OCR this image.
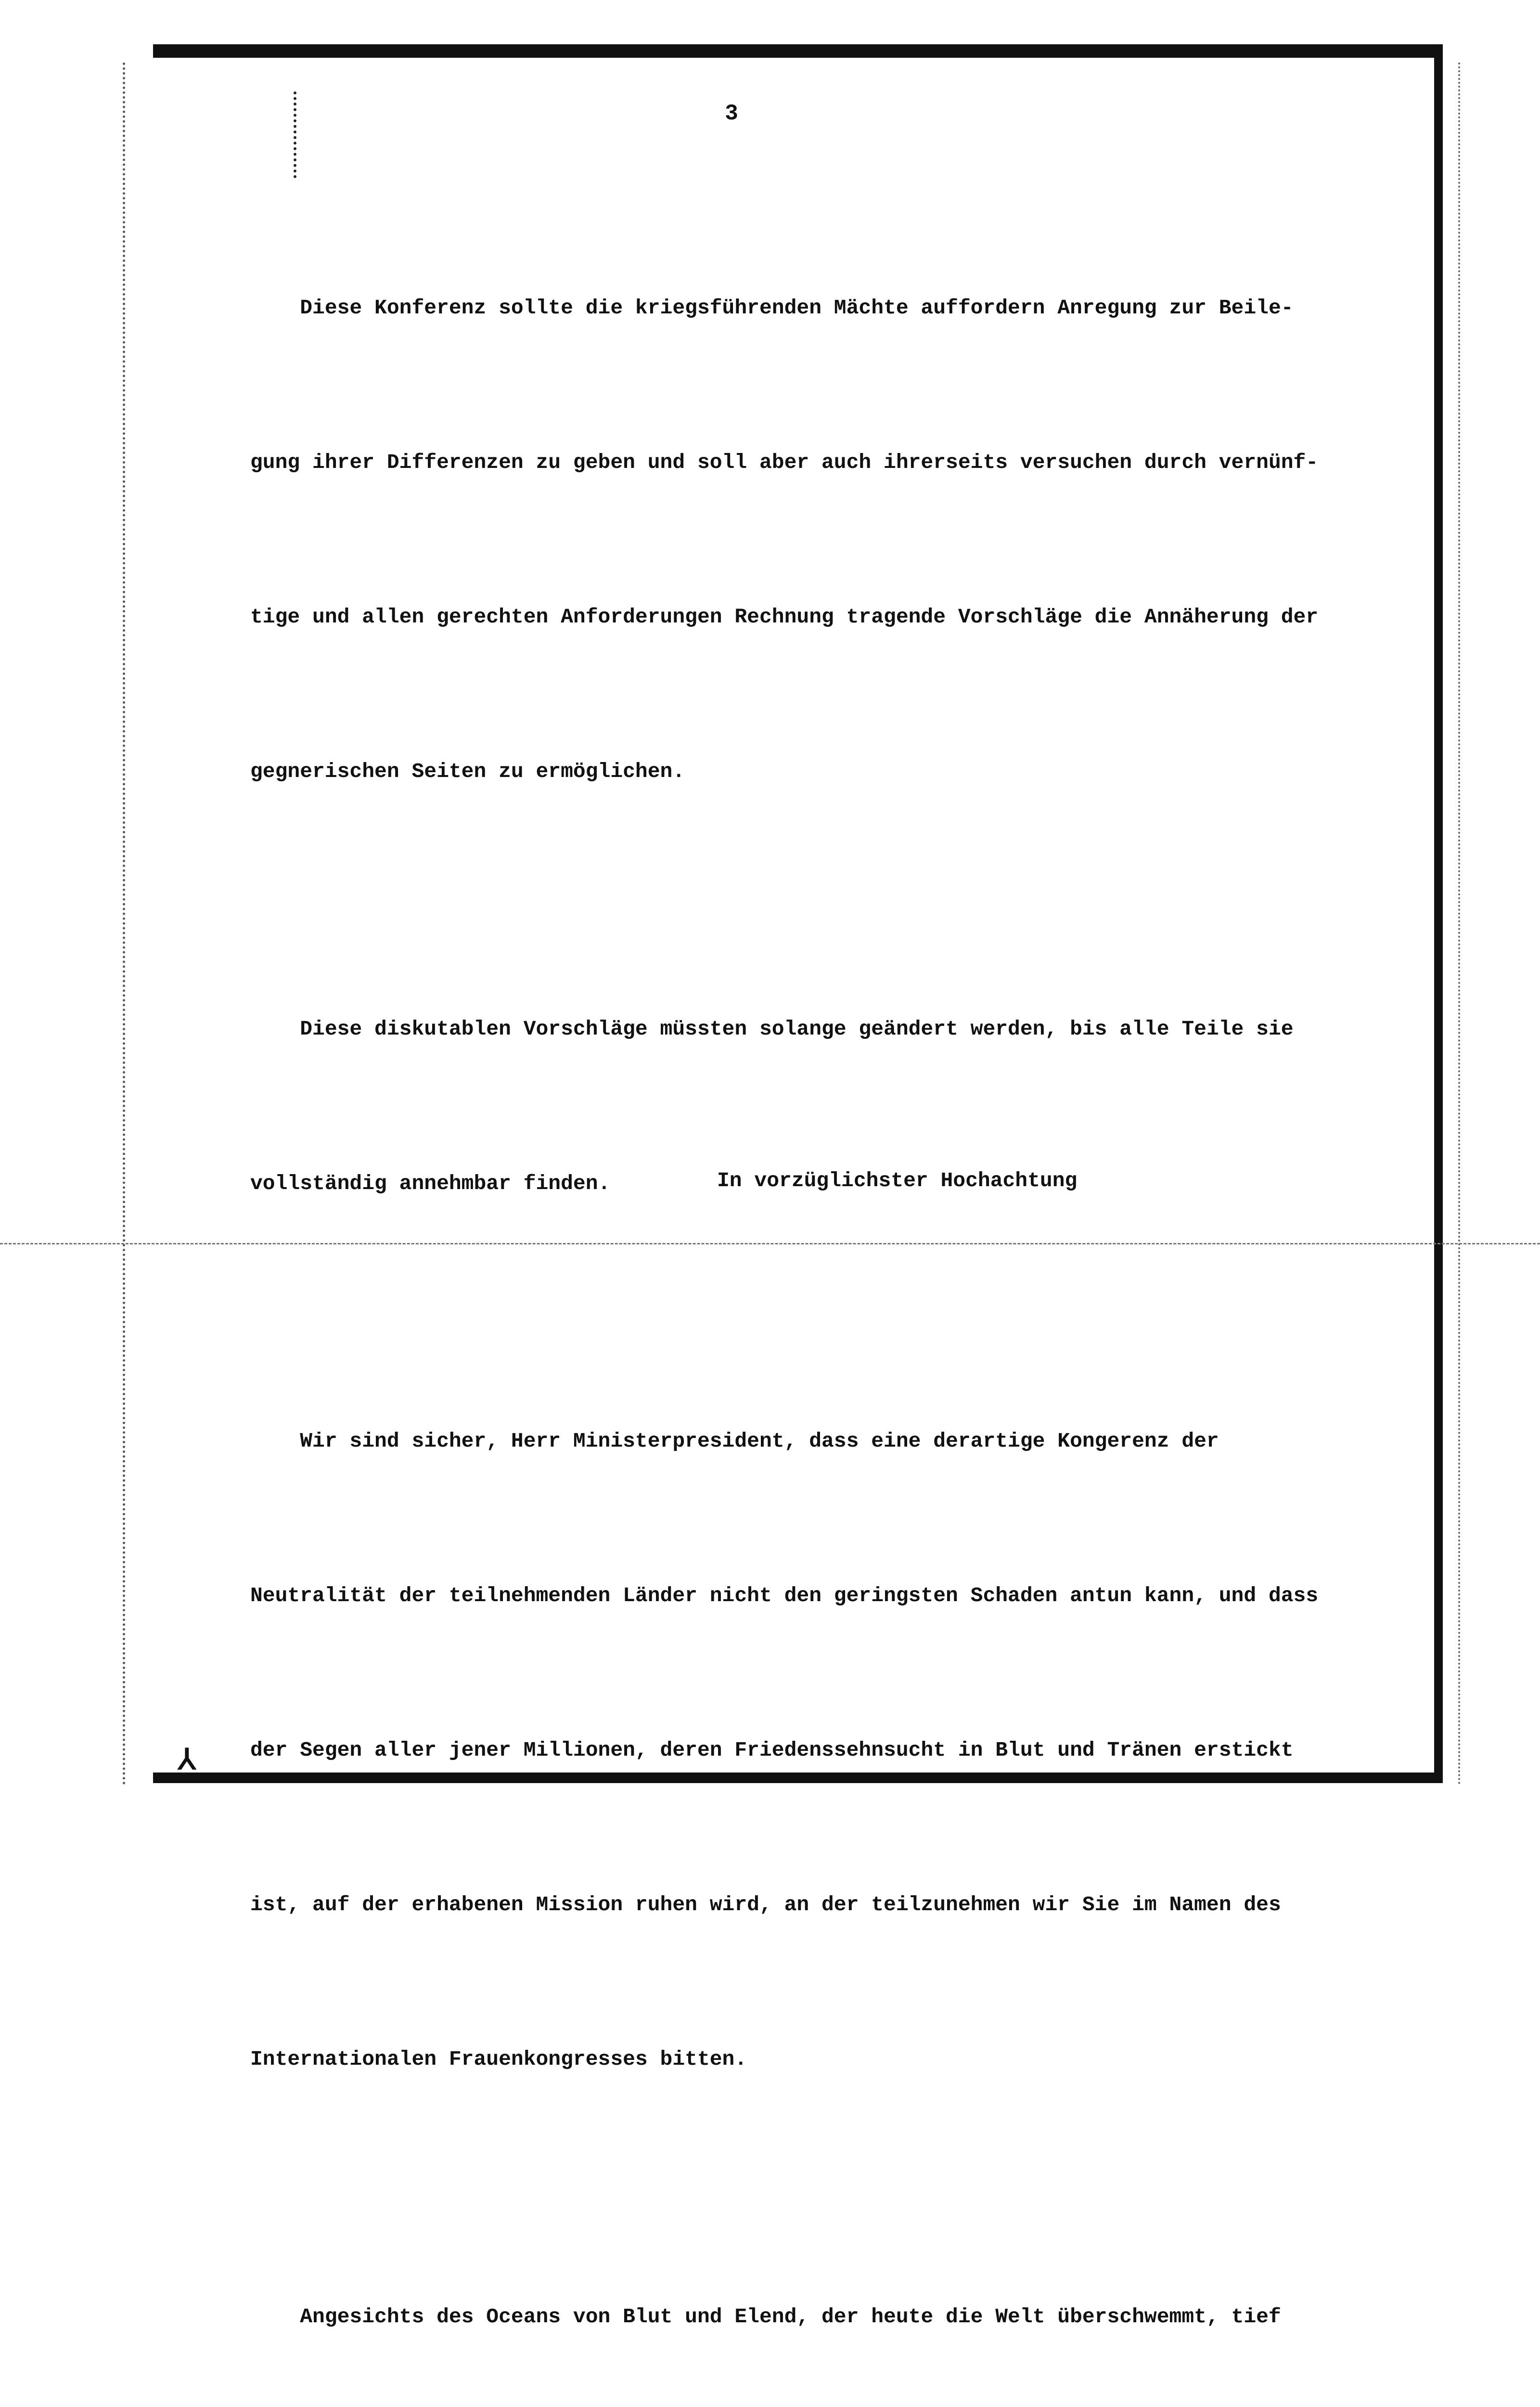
3

Diese Konferenz sollte die kriegsführenden Mächte auffordern Anregung zur Beile-

gung ihrer Differenzen zu geben und soll aber auch ihrerseits versuchen durch vernünf-

tige und allen gerechten Anforderungen Rechnung tragende Vorschläge die Annäherung der

gegnerischen Seiten zu ermöglichen.

Diese diskutablen Vorschläge müssten solange geändert werden, bis alle Teile sie

vollständig annehmbar finden.

Wir sind sicher, Herr Ministerpresident, dass eine derartige Kongerenz der

Neutralität der teilnehmenden Länder nicht den geringsten Schaden antun kann, und dass

der Segen aller jener Millionen, deren Friedenssehnsucht in Blut und Tränen erstickt

ist, auf der erhabenen Mission ruhen wird, an der teilzunehmen wir Sie im Namen des

Internationalen Frauenkongresses bitten.

Angesichts des Oceans von Blut und Elend, der heute die Welt überschwemmt, tief

In vorzüglichster Hochachtung
⅄
